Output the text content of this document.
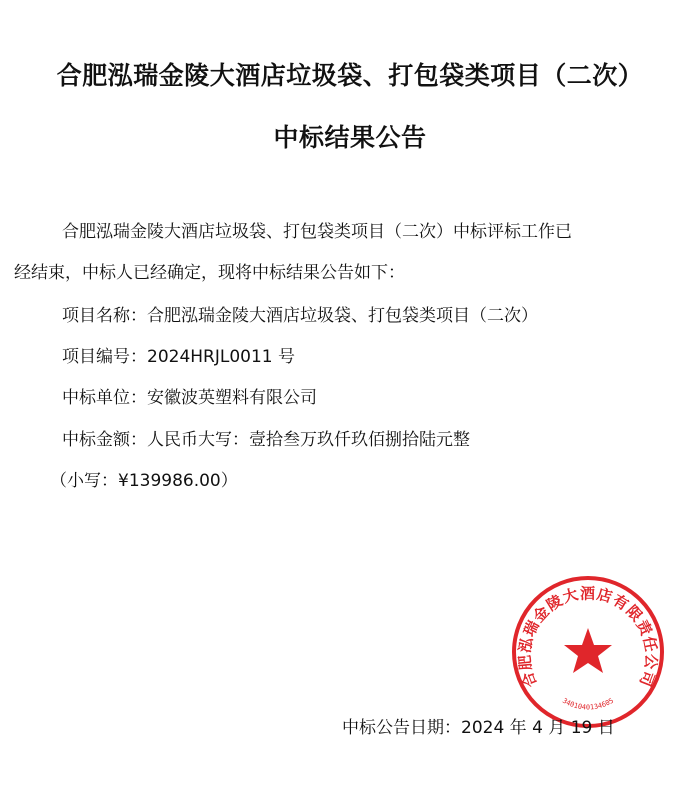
合肥泓瑞金陵大酒店垃圾袋、打包袋类项目（二次）
中标结果公告
合肥泓瑞金陵大酒店垃圾袋、打包袋类项目（二次）中标评标工作已
经结束，中标人已经确定，现将中标结果公告如下：
项目名称：合肥泓瑞金陵大酒店垃圾袋、打包袋类项目（二次）
项目编号：2024HRJL0011 号
中标单位：安徽波英塑料有限公司
中标金额：人民币大写：壹拾叁万玖仟玖佰捌拾陆元整
（小写：¥139986.00）
合肥泓瑞金陵大酒店有限责任公司
3401040134605
中标公告日期：2024 年 4 月 19 日
